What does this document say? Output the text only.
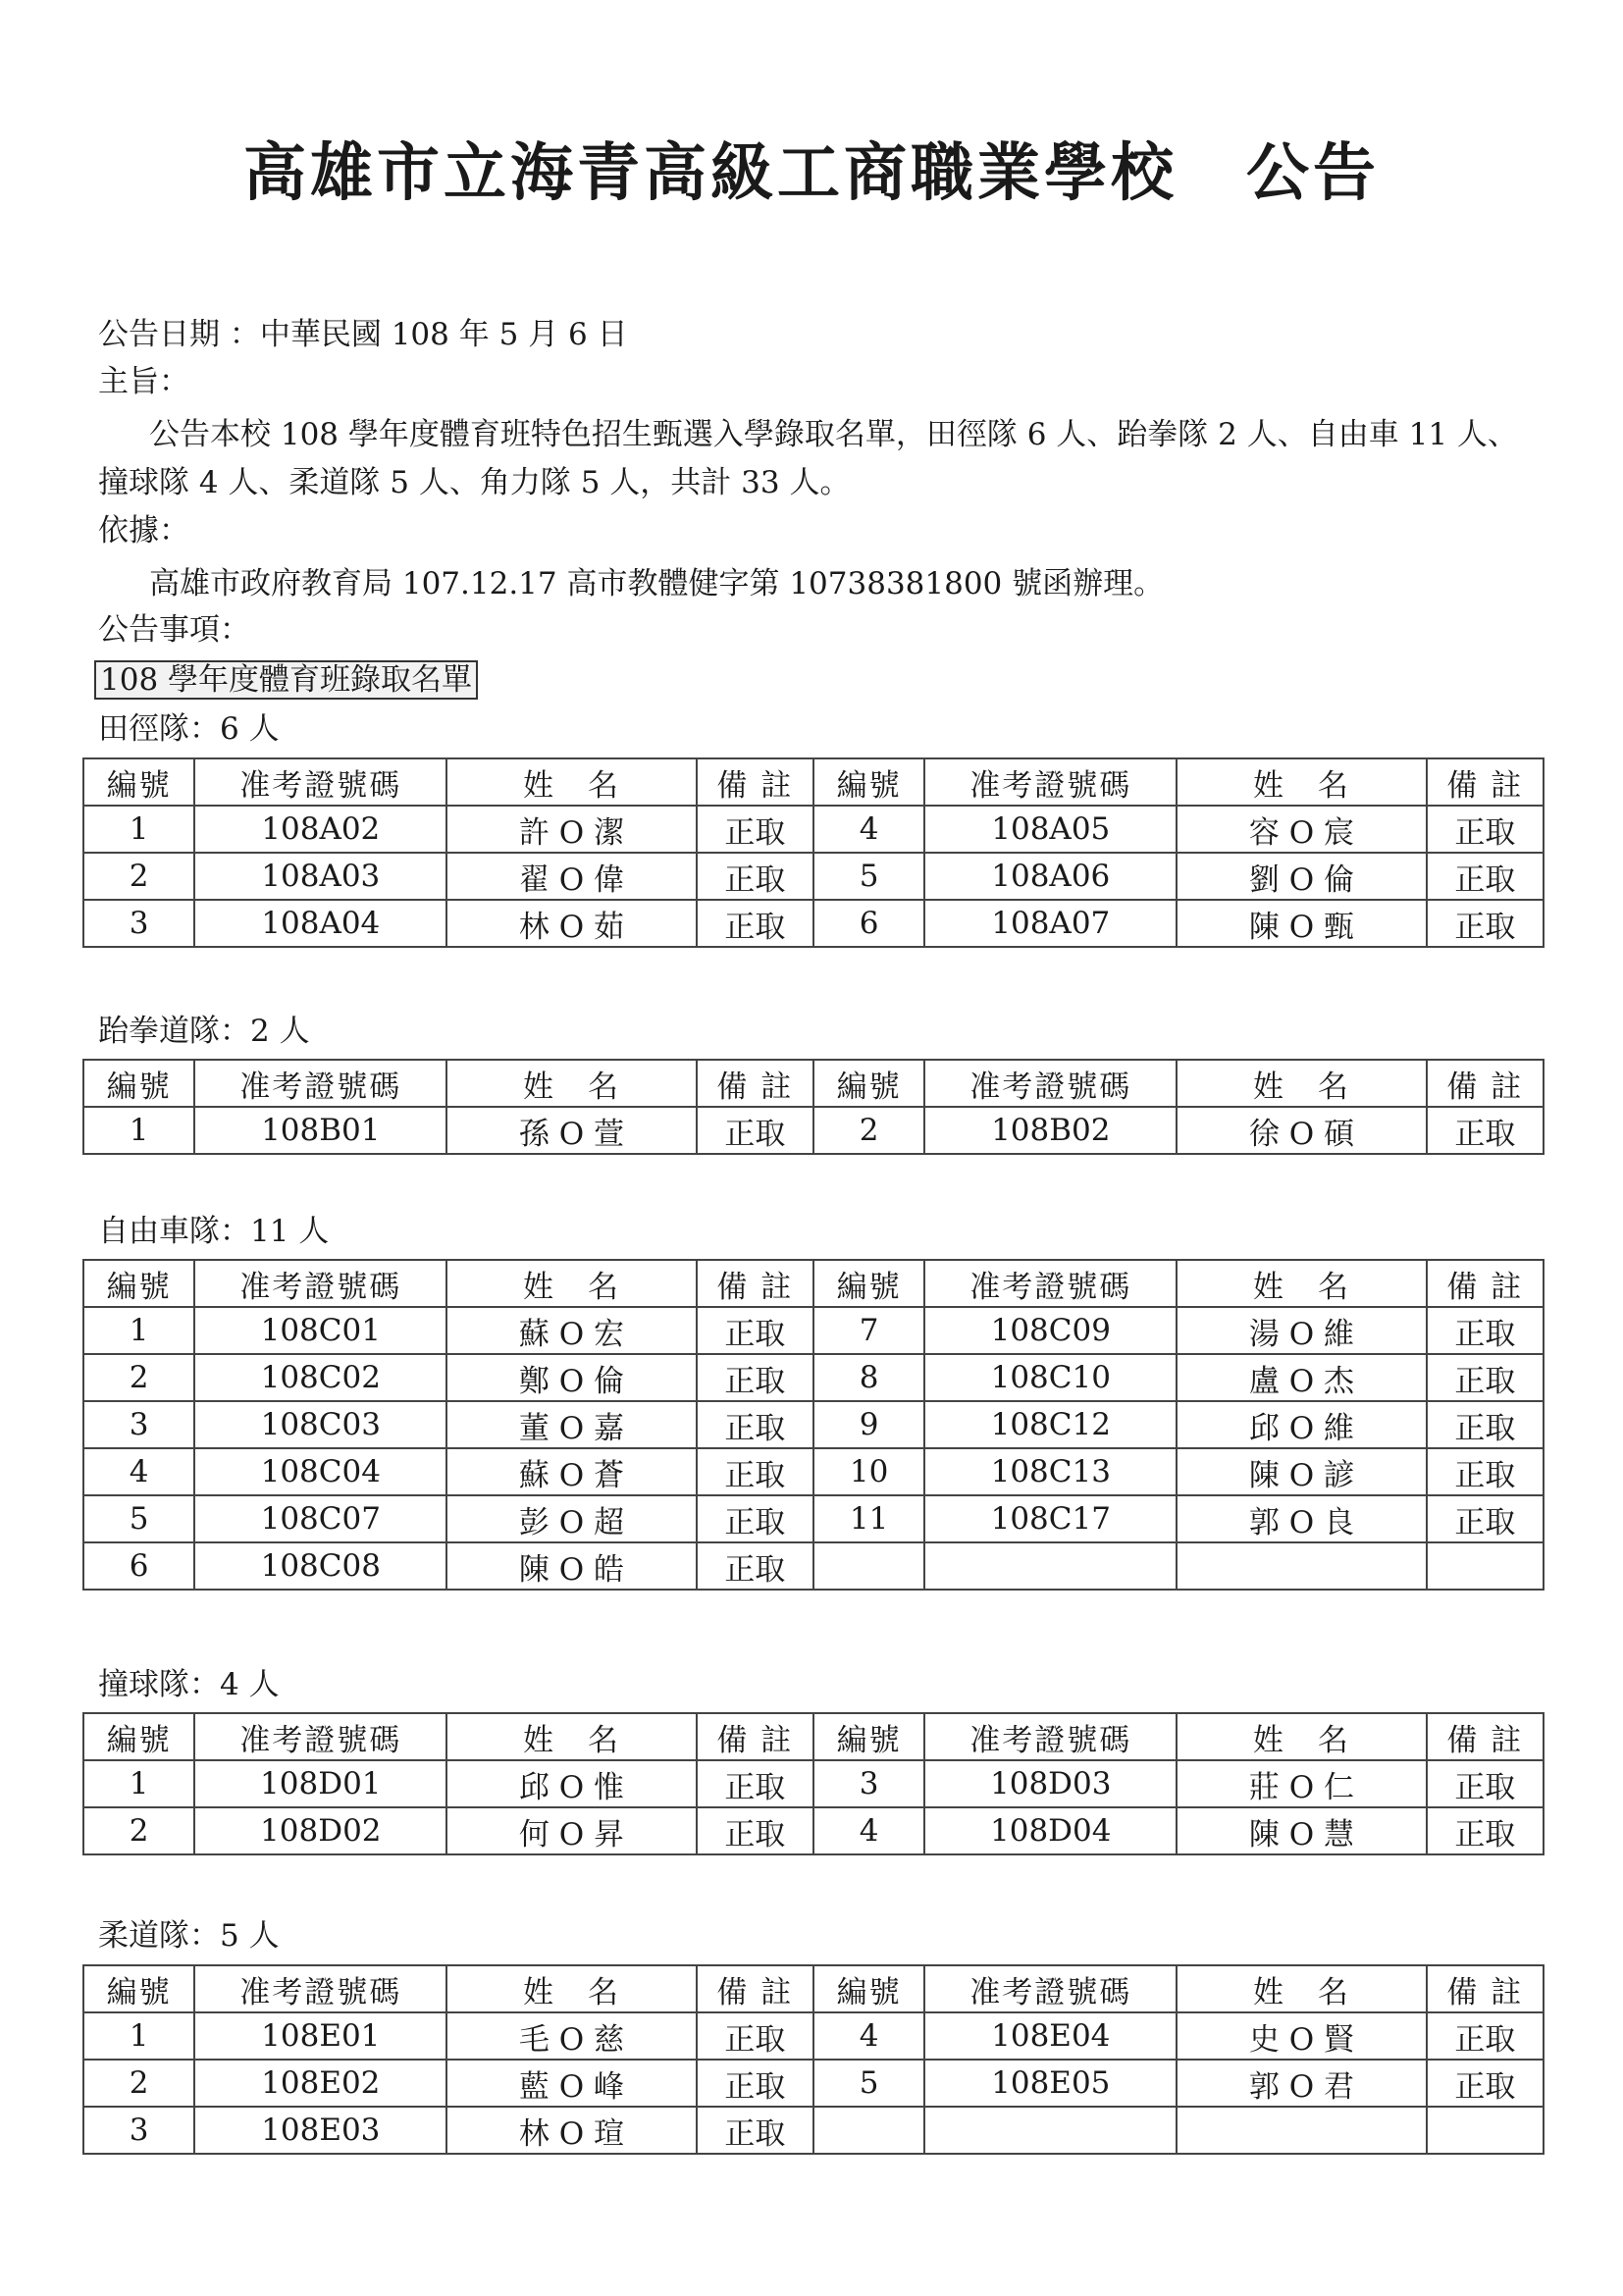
高雄市立海青高級工商職業學校 公告
公告日期 ：中華民國 108 年 5 月 6 日
主旨：
公告本校 108 學年度體育班特色招生甄選入學錄取名單，田徑隊 6 人、跆拳隊 2 人、自由車 11 人、
撞球隊 4 人、柔道隊 5 人、角力隊 5 人，共計 33 人。
依據：
高雄市政府教育局 107.12.17 高市教體健字第 10738381800 號函辦理。
公告事項：
108 學年度體育班錄取名單
田徑隊：6 人
編號	准考證號碼	姓　名	備 註	編號	准考證號碼	姓　名	備 註
1	108A02	許 O 潔	正取	4	108A05	容 O 宸	正取
2	108A03	翟 O 偉	正取	5	108A06	劉 O 倫	正取
3	108A04	林 O 茹	正取	6	108A07	陳 O 甄	正取
跆拳道隊：2 人
編號	准考證號碼	姓　名	備 註	編號	准考證號碼	姓　名	備 註
1	108B01	孫 O 萱	正取	2	108B02	徐 O 碩	正取
自由車隊：11 人
編號	准考證號碼	姓　名	備 註	編號	准考證號碼	姓　名	備 註
1	108C01	蘇 O 宏	正取	7	108C09	湯 O 維	正取
2	108C02	鄭 O 倫	正取	8	108C10	盧 O 杰	正取
3	108C03	董 O 嘉	正取	9	108C12	邱 O 維	正取
4	108C04	蘇 O 蒼	正取	10	108C13	陳 O 諺	正取
5	108C07	彭 O 超	正取	11	108C17	郭 O 良	正取
6	108C08	陳 O 皓	正取				
撞球隊：4 人
編號	准考證號碼	姓　名	備 註	編號	准考證號碼	姓　名	備 註
1	108D01	邱 O 惟	正取	3	108D03	莊 O 仁	正取
2	108D02	何 O 昇	正取	4	108D04	陳 O 慧	正取
柔道隊：5 人
編號	准考證號碼	姓　名	備 註	編號	准考證號碼	姓　名	備 註
1	108E01	毛 O 慈	正取	4	108E04	史 O 賢	正取
2	108E02	藍 O 峰	正取	5	108E05	郭 O 君	正取
3	108E03	林 O 瑄	正取				
